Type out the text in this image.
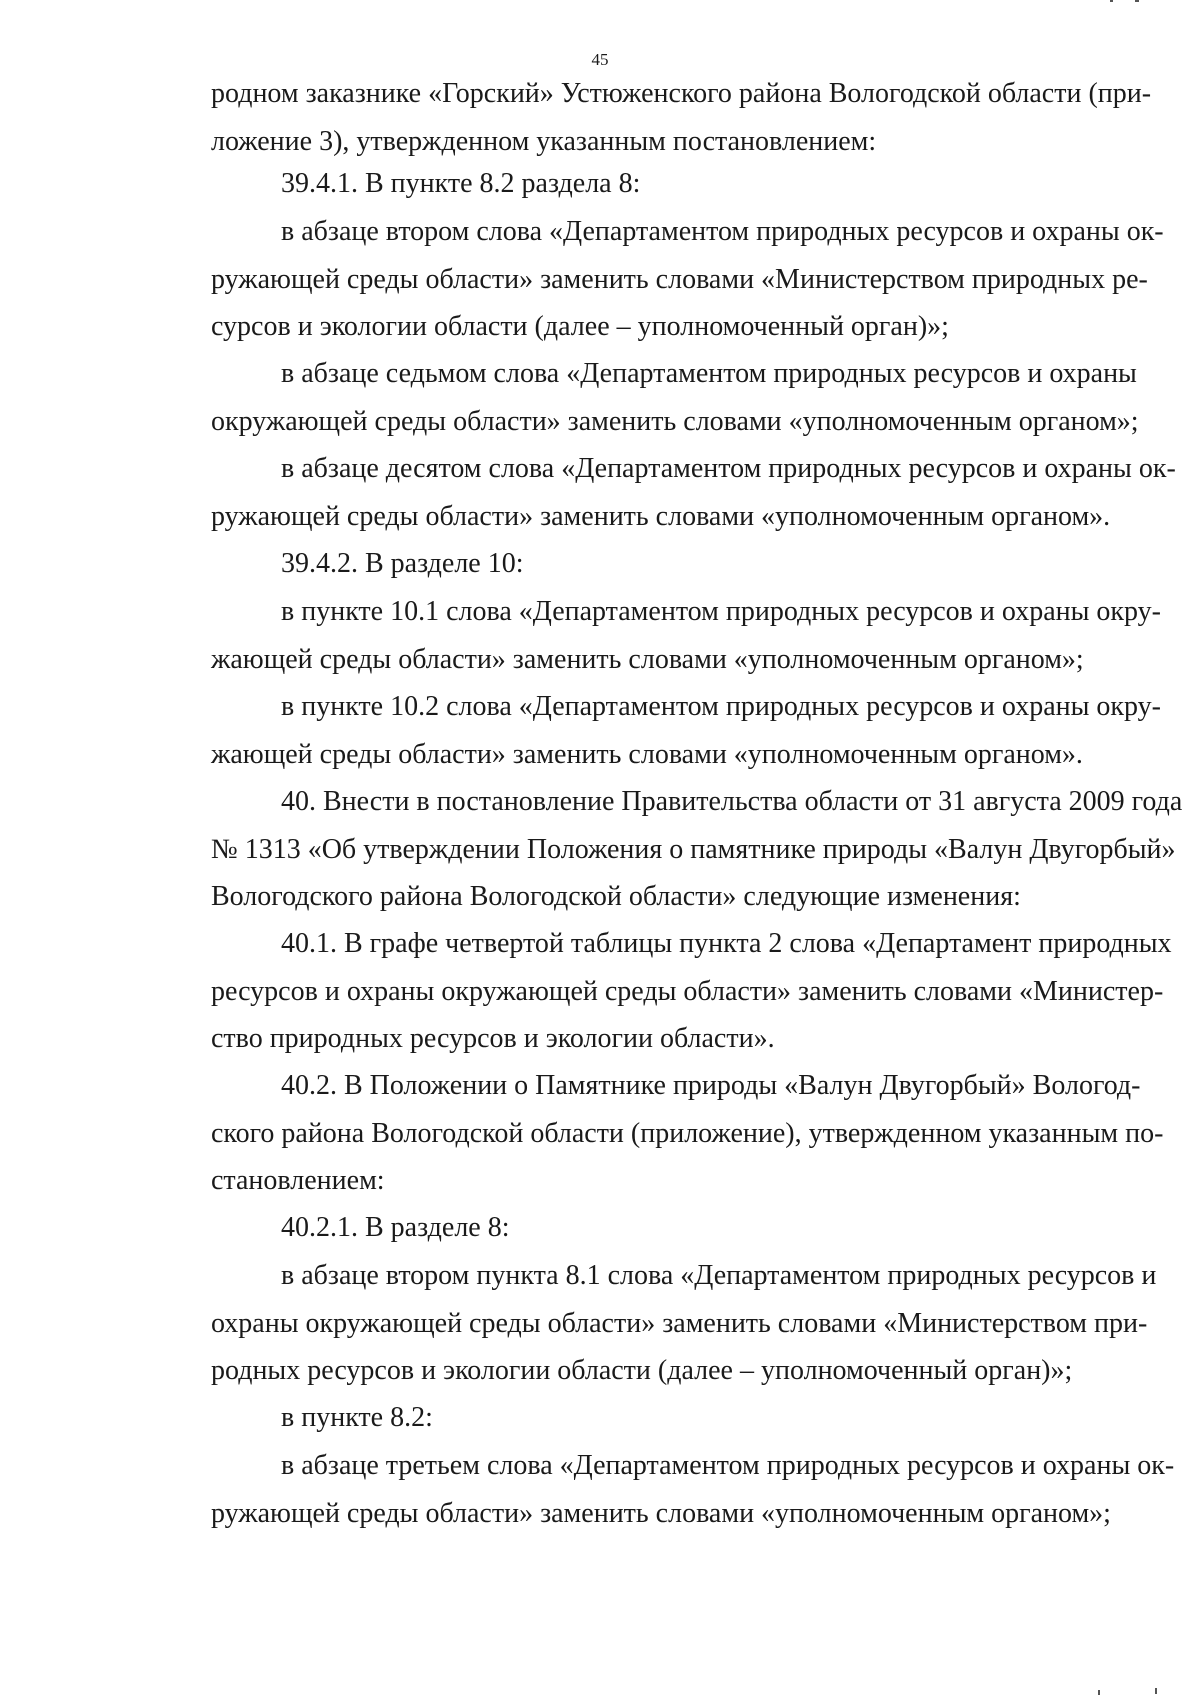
45
родном заказнике «Горский» Устюженского района Вологодской области (при-
ложение 3), утвержденном указанным постановлением:
39.4.1. В пункте 8.2 раздела 8:
в абзаце втором слова «Департаментом природных ресурсов и охраны ок-
ружающей среды области» заменить словами «Министерством природных ре-
сурсов и экологии области (далее – уполномоченный орган)»;
в абзаце седьмом слова «Департаментом природных ресурсов и охраны
окружающей среды области» заменить словами «уполномоченным органом»;
в абзаце десятом слова «Департаментом природных ресурсов и охраны ок-
ружающей среды области» заменить словами «уполномоченным органом».
39.4.2. В разделе 10:
в пункте 10.1 слова «Департаментом природных ресурсов и охраны окру-
жающей среды области» заменить словами «уполномоченным органом»;
в пункте 10.2 слова «Департаментом природных ресурсов и охраны окру-
жающей среды области» заменить словами «уполномоченным органом».
40. Внести в постановление Правительства области от 31 августа 2009 года
№ 1313 «Об утверждении Положения о памятнике природы «Валун Двугорбый»
Вологодского района Вологодской области» следующие изменения:
40.1. В графе четвертой таблицы пункта 2 слова «Департамент природных
ресурсов и охраны окружающей среды области» заменить словами «Министер-
ство природных ресурсов и экологии области».
40.2. В Положении о Памятнике природы «Валун Двугорбый» Вологод-
ского района Вологодской области (приложение), утвержденном указанным по-
становлением:
40.2.1. В разделе 8:
в абзаце втором пункта 8.1 слова «Департаментом природных ресурсов и
охраны окружающей среды области» заменить словами «Министерством при-
родных ресурсов и экологии области (далее – уполномоченный орган)»;
в пункте 8.2:
в абзаце третьем слова «Департаментом природных ресурсов и охраны ок-
ружающей среды области» заменить словами «уполномоченным органом»;
